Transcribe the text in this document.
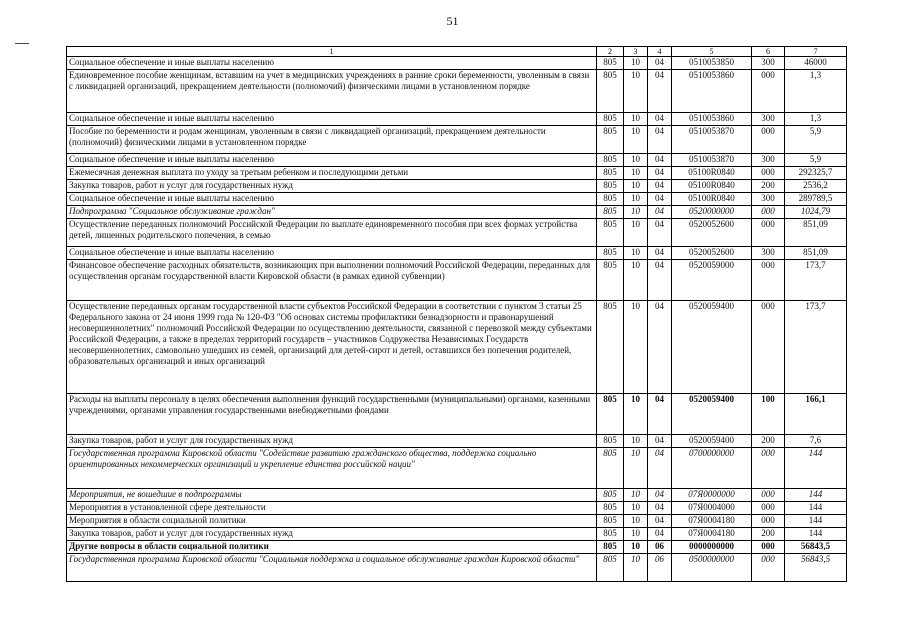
51
1	2	3	4	5	6	7
Социальное обеспечение и иные выплаты населению	805	10	04	0510053850	300	46000
Единовременное пособие женщинам, вставшим на учет в медицинских учреждениях в ранние сроки беременности, уволенным в связи с ликвидацией организаций, прекращением деятельности (полномочий) физическими лицами в установленном порядке	805	10	04	0510053860	000	1,3
Социальное обеспечение и иные выплаты населению	805	10	04	0510053860	300	1,3
Пособие по беременности и родам женщинам, уволенным в связи с ликвидацией организаций, прекращением деятельности (полномочий) физическими лицами в установленном порядке	805	10	04	0510053870	000	5,9
Социальное обеспечение и иные выплаты населению	805	10	04	0510053870	300	5,9
Ежемесячная денежная выплата по уходу за третьим ребенком и последующими детьми	805	10	04	05100R0840	000	292325,7
Закупка товаров, работ и услуг для государственных нужд	805	10	04	05100R0840	200	2536,2
Социальное обеспечение и иные выплаты населению	805	10	04	05100R0840	300	289789,5
Подпрограмма "Социальное обслуживание граждан"	805	10	04	0520000000	000	1024,79
Осуществление переданных полномочий Российской Федерации по выплате единовременного пособия при всех формах устройства детей, лишенных родительского попечения, в семью	805	10	04	0520052600	000	851,09
Социальное обеспечение и иные выплаты населению	805	10	04	0520052600	300	851,09
Финансовое обеспечение расходных обязательств, возникающих при выполнении полномочий Российской Федерации, переданных для осуществления органам государственной власти Кировской области (в рамках единой субвенции)	805	10	04	0520059000	000	173,7
Осуществление переданных органам государственной власти субъектов Российской Федерации в соответствии с пунктом 3 статьи 25 Федерального закона от 24 июня 1999 года № 120-ФЗ "Об основах системы профилактики безнадзорности и правонарушений несовершеннолетних" полномочий Российской Федерации по осуществлению деятельности, связанной с перевозкой между субъектами Российской Федерации, а также в пределах территорий государств – участников Содружества Независимых Государств несовершеннолетних, самовольно ушедших из семей, организаций для детей-сирот и детей, оставшихся без попечения родителей, образовательных организаций и иных организаций	805	10	04	0520059400	000	173,7
Расходы на выплаты персоналу в целях обеспечения выполнения функций государственными (муниципальными) органами, казенными учреждениями, органами управления государственными внебюджетными фондами	805	10	04	0520059400	100	166,1
Закупка товаров, работ и услуг для государственных нужд	805	10	04	0520059400	200	7,6
Государственная программа Кировской области "Содействие развитию гражданского общества, поддержка социально ориентированных некоммерческих организаций и укрепление единства российской нации"	805	10	04	0700000000	000	144
Мероприятия, не вошедшие в подпрограммы	805	10	04	07Я0000000	000	144
Мероприятия в установленной сфере деятельности	805	10	04	07Я0004000	000	144
Мероприятия в области социальной политики	805	10	04	07Я0004180	000	144
Закупка товаров, работ и услуг для государственных нужд	805	10	04	07Я0004180	200	144
Другие вопросы в области социальной политики	805	10	06	0000000000	000	56843,5
Государственная программа Кировской области "Социальная поддержка и социальное обслуживание граждан Кировской области"	805	10	06	0500000000	000	56843,5
